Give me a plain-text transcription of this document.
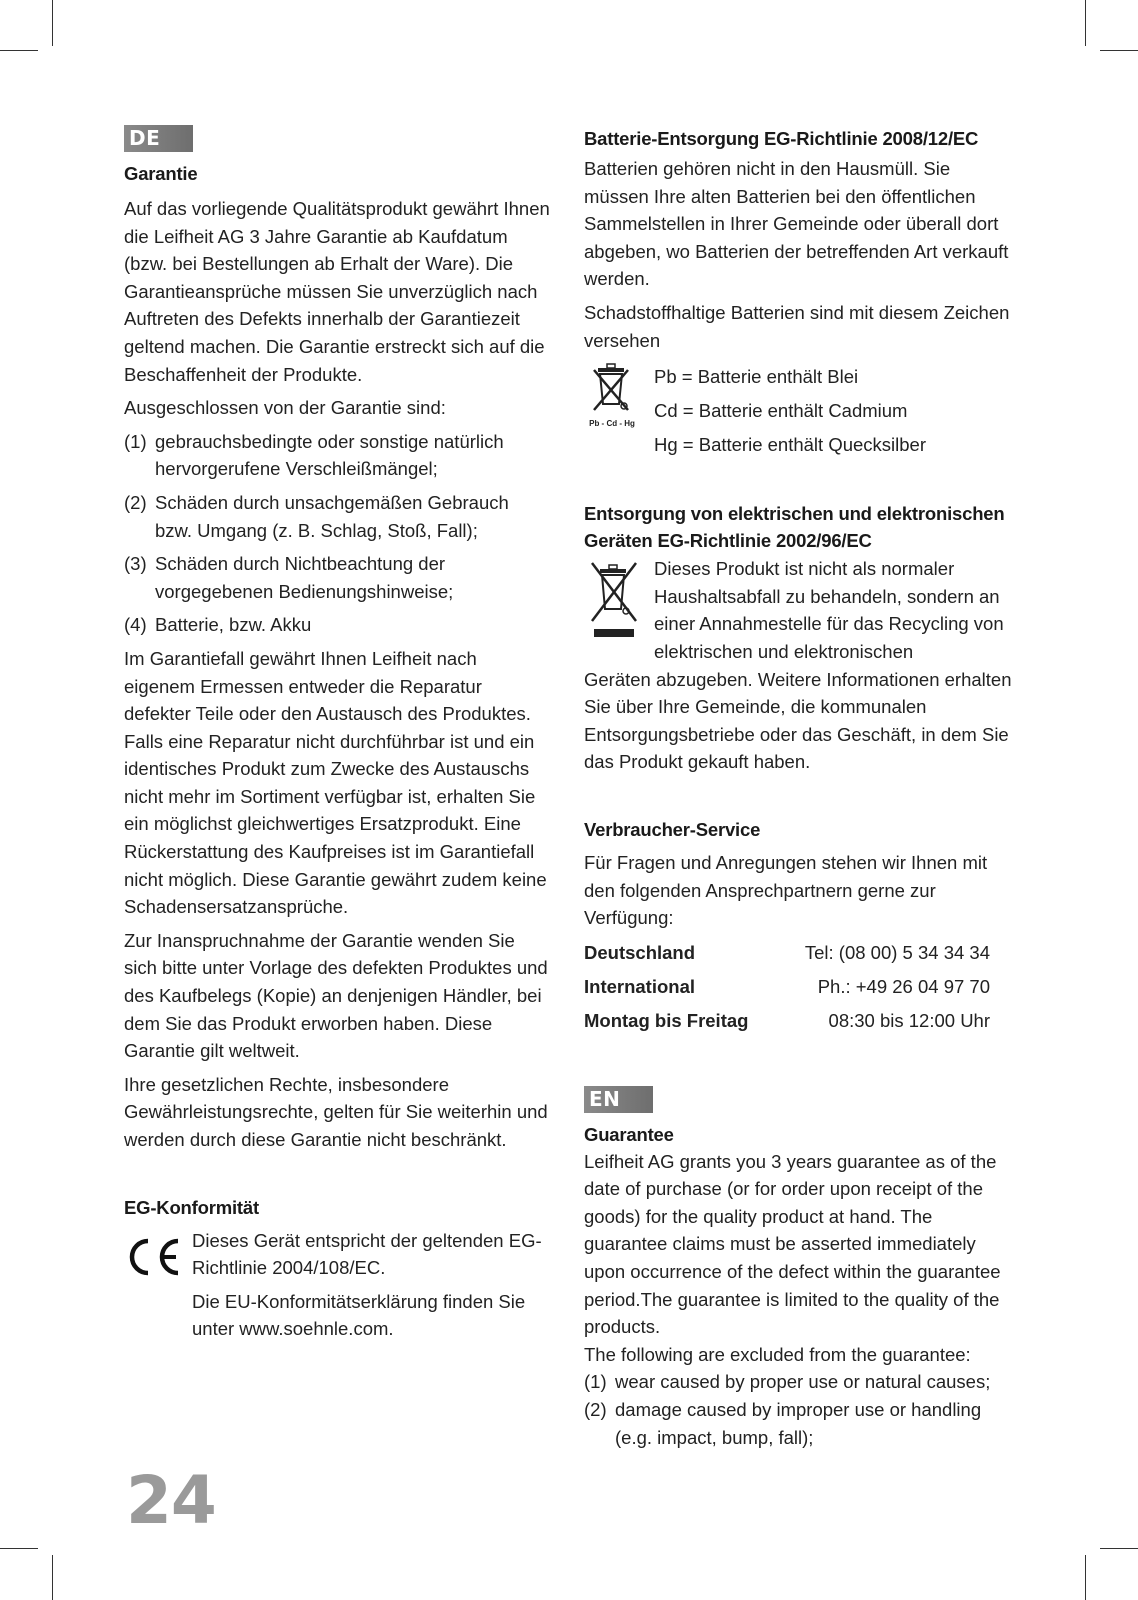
DE
Garantie

Auf das vorliegende Qualitätsprodukt gewährt Ihnen die Leifheit AG 3 Jahre Garantie ab Kaufdatum (bzw. bei Bestellungen ab Erhalt der Ware). Die Garantieansprüche müssen Sie unverzüglich nach Auftreten des Defekts innerhalb der Garantiezeit geltend machen. Die Garantie erstreckt sich auf die Beschaffenheit der Produkte.

Ausgeschlossen von der Garantie sind:

(1) gebrauchsbedingte oder sonstige natürlich hervorgerufene Verschleißmängel;
(2) Schäden durch unsachgemäßen Gebrauch bzw. Umgang (z. B. Schlag, Stoß, Fall);
(3) Schäden durch Nichtbeachtung der vorgegebenen Bedienungshinweise;
(4) Batterie, bzw. Akku

Im Garantiefall gewährt Ihnen Leifheit nach eigenem Ermessen entweder die Reparatur defekter Teile oder den Austausch des Produktes. Falls eine Reparatur nicht durchführbar ist und ein identisches Produkt zum Zwecke des Austauschs nicht mehr im Sortiment verfügbar ist, erhalten Sie ein möglichst gleichwertiges Ersatzprodukt. Eine Rückerstattung des Kaufpreises ist im Garantiefall nicht möglich. Diese Garantie gewährt zudem keine Schadensersatzansprüche.

Zur Inanspruchnahme der Garantie wenden Sie sich bitte unter Vorlage des defekten Produktes und des Kaufbelegs (Kopie) an denjenigen Händler, bei dem Sie das Produkt erworben haben. Diese Garantie gilt weltweit.

Ihre gesetzlichen Rechte, insbesondere Gewährleistungsrechte, gelten für Sie weiterhin und werden durch diese Garantie nicht beschränkt.

EG-Konformität

Dieses Gerät entspricht der geltenden EG-Richtlinie 2004/108/EC.

Die EU-Konformitätserklärung finden Sie unter www.soehnle.com.

24
Batterie-Entsorgung EG-Richtlinie 2008/12/EC

Batterien gehören nicht in den Hausmüll. Sie müssen Ihre alten Batterien bei den öffentlichen Sammelstellen in Ihrer Gemeinde oder überall dort abgeben, wo Batterien der betreffenden Art verkauft werden.

Schadstoffhaltige Batterien sind mit diesem Zeichen versehen

Pb - Cd - Hg

Pb = Batterie enthält Blei

Cd = Batterie enthält Cadmium

Hg = Batterie enthält Quecksilber

Entsorgung von elektrischen und elektronischen Geräten EG-Richtlinie 2002/96/EC

Dieses Produkt ist nicht als normaler Haushaltsabfall zu behandeln, sondern an einer Annahmestelle für das Recycling von elektrischen und elektronischen

Geräten abzugeben. Weitere Informationen erhalten Sie über Ihre Gemeinde, die kommunalen Entsorgungsbetriebe oder das Geschäft, in dem Sie das Produkt gekauft haben.

Verbraucher-Service

Für Fragen und Anregungen stehen wir Ihnen mit den folgenden Ansprechpartnern gerne zur Verfügung:

Deutschland	Tel: (08 00) 5 34 34 34
International	Ph.: +49 26 04 97 70
Montag bis Freitag	08:30 bis 12:00 Uhr
EN
Guarantee

Leifheit AG grants you 3 years guarantee as of the date of purchase (or for order upon receipt of the goods) for the quality product at hand. The guarantee claims must be asserted immediately upon occurrence of the defect within the guarantee period.The guarantee is limited to the quality of the products.

The following are excluded from the guarantee:

(1) wear caused by proper use or natural causes;
(2) damage caused by improper use or handling (e.g. impact, bump, fall);
